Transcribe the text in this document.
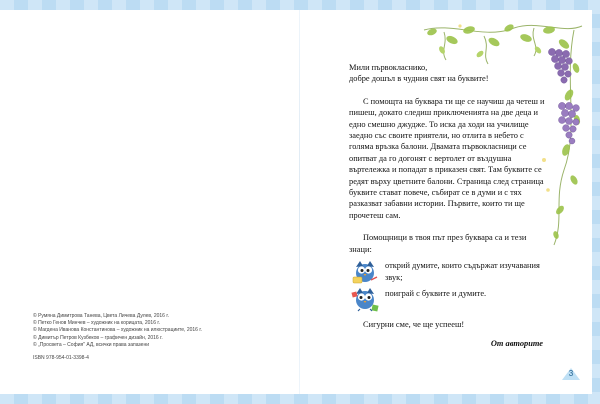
© Румяна Димитрова Танева, Цвета Личева Дулев, 2016 г.
© Петко Генов Минчев – художник на корицата, 2016 г.
© Магдена Иванова Константинова – художник на илюстрациите, 2016 г.
© Димитър Петров Кузбеков – графичен дизайн, 2016 г.
© „Просвета – София" АД, всички права запазени
ISBN 978-954-01-3398-4
Мили първокласнико,
добре дошъл в чудния свят на буквите!
С помощта на буквара ти ще се научиш да четеш и пишеш, докато следиш приключенията на две деца и едно смешно джудже. То иска да ходи на училище заедно със своите приятели, но отлита в небето с голяма връзка балони. Двамата първокласници се опитват да го догонят с вертолет от въздушна въртележка и попадат в приказен свят. Там буквите се редят върху цветните балони. Страница след страница буквите стават повече, събират се в думи и с тях разказват забавни истории. Първите, които ти ще прочетеш сам.
Помощници в твоя път през буквара са и тези знаци:
открий думите, които съдържат изучавания звук;
поиграй с буквите и думите.
Сигурни сме, че ще успееш!
От авторите
3
